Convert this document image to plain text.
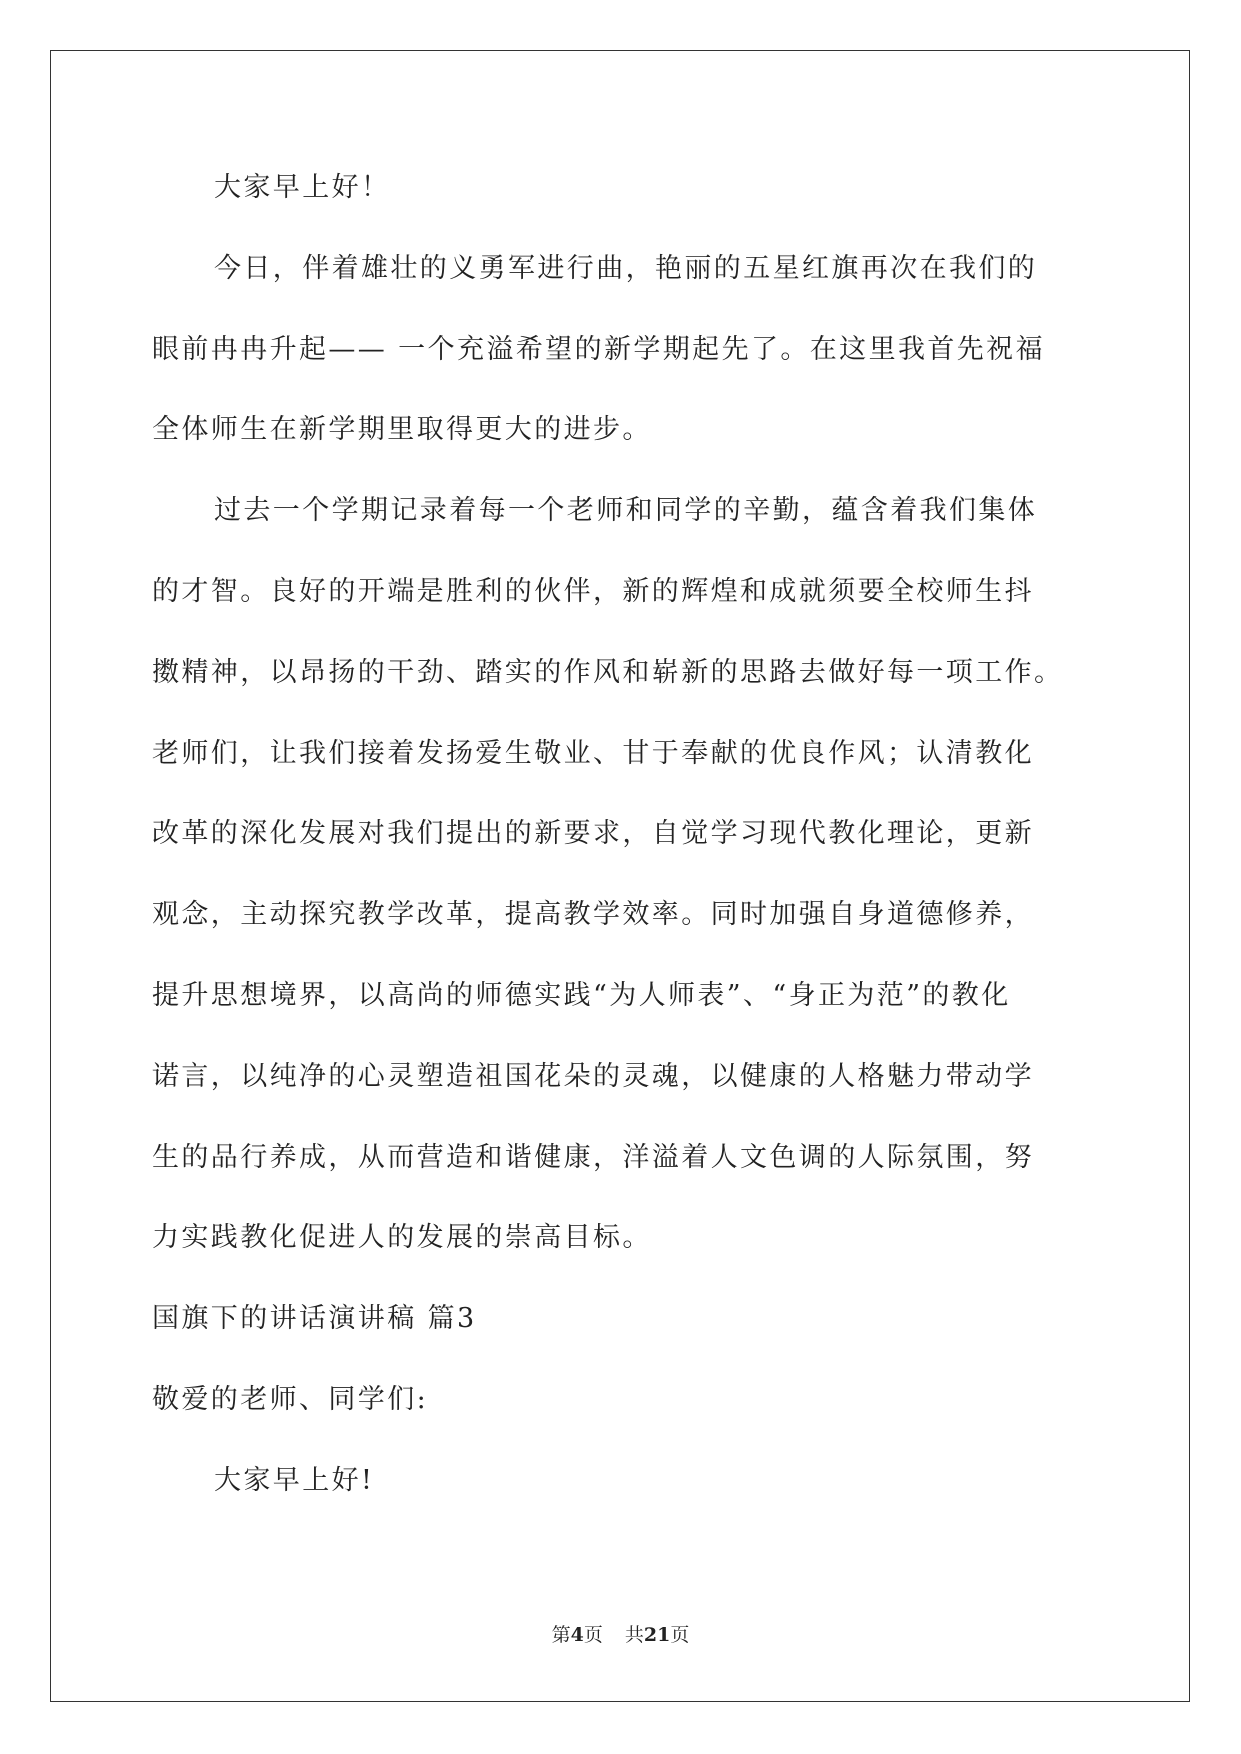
大家早上好！
今日，伴着雄壮的义勇军进行曲，艳丽的五星红旗再次在我们的
眼前冉冉升起—— 一个充溢希望的新学期起先了。在这里我首先祝福
全体师生在新学期里取得更大的进步。
过去一个学期记录着每一个老师和同学的辛勤，蕴含着我们集体
的才智。良好的开端是胜利的伙伴，新的辉煌和成就须要全校师生抖
擞精神，以昂扬的干劲、踏实的作风和崭新的思路去做好每一项工作。
老师们，让我们接着发扬爱生敬业、甘于奉献的优良作风；认清教化
改革的深化发展对我们提出的新要求，自觉学习现代教化理论，更新
观念，主动探究教学改革，提高教学效率。同时加强自身道德修养，
提升思想境界，以高尚的师德实践“为人师表”、“身正为范”的教化
诺言，以纯净的心灵塑造祖国花朵的灵魂，以健康的人格魅力带动学
生的品行养成，从而营造和谐健康，洋溢着人文色调的人际氛围，努
力实践教化促进人的发展的崇高目标。
国旗下的讲话演讲稿 篇3
敬爱的老师、同学们:
大家早上好!
第4页 共21页
